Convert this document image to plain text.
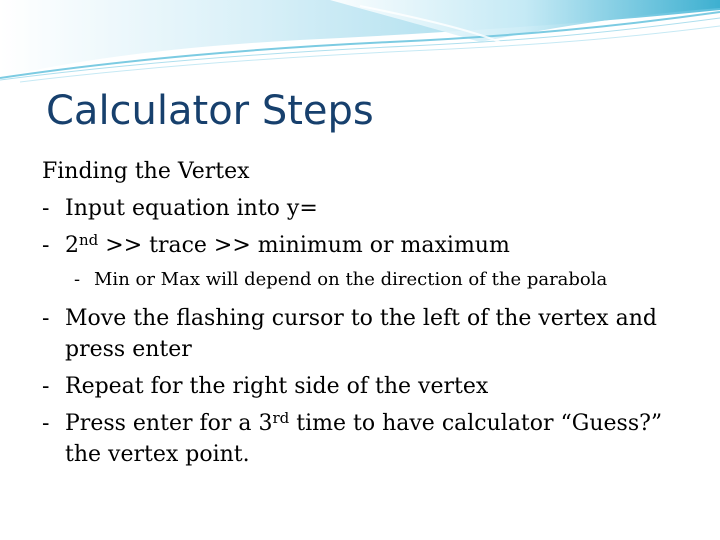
Calculator Steps
Finding the Vertex
- Input equation into y=
- 2nd >> trace >> minimum or maximum
- Min or Max will depend on the direction of the parabola
- Move the flashing cursor to the left of the vertex and press enter
- Repeat for the right side of the vertex
- Press enter for a 3rd time to have calculator “Guess?” the vertex point.
